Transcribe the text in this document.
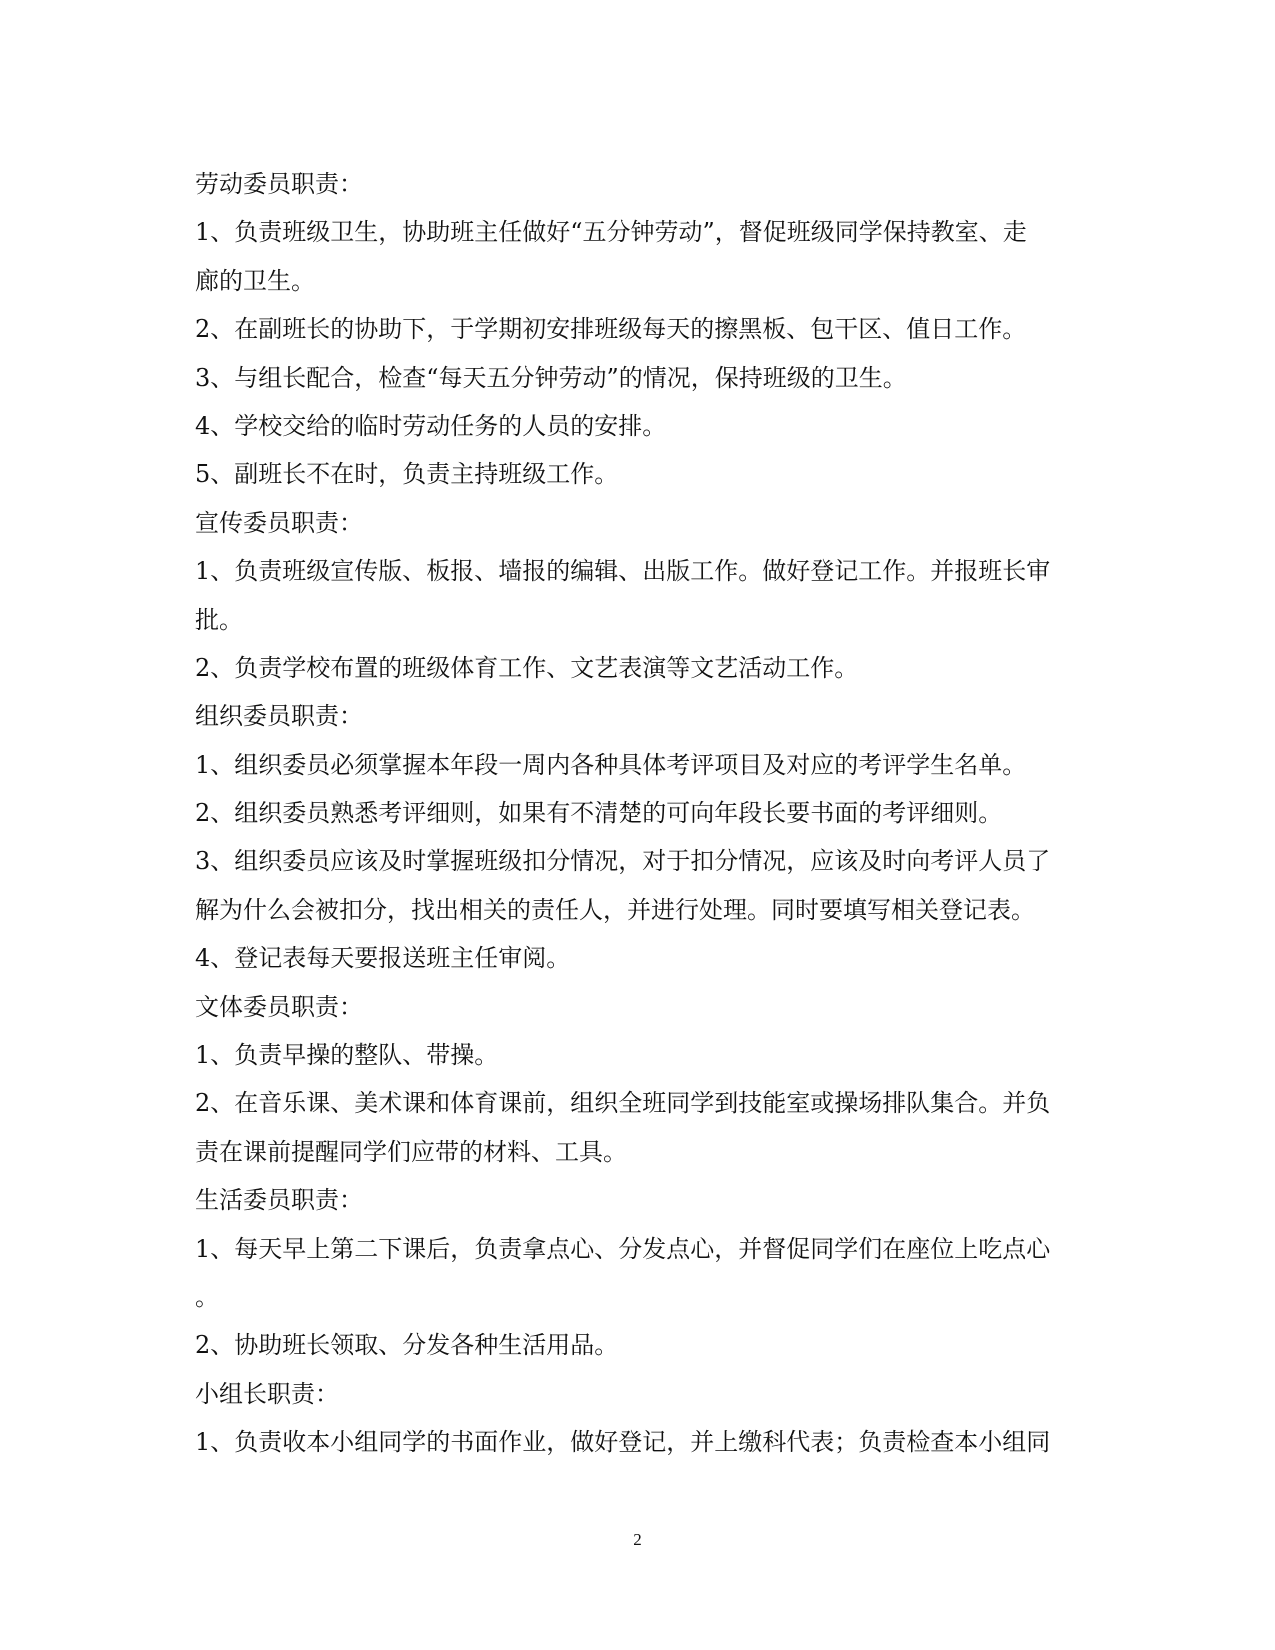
劳动委员职责：
1、负责班级卫生，协助班主任做好“五分钟劳动”，督促班级同学保持教室、走
廊的卫生。
2、在副班长的协助下，于学期初安排班级每天的擦黑板、包干区、值日工作。
3、与组长配合，检查“每天五分钟劳动”的情况，保持班级的卫生。
4、学校交给的临时劳动任务的人员的安排。
5、副班长不在时，负责主持班级工作。
宣传委员职责：
1、负责班级宣传版、板报、墙报的编辑、出版工作。做好登记工作。并报班长审
批。
2、负责学校布置的班级体育工作、文艺表演等文艺活动工作。
组织委员职责：
1、组织委员必须掌握本年段一周内各种具体考评项目及对应的考评学生名单。
2、组织委员熟悉考评细则，如果有不清楚的可向年段长要书面的考评细则。
3、组织委员应该及时掌握班级扣分情况，对于扣分情况，应该及时向考评人员了
解为什么会被扣分，找出相关的责任人，并进行处理。同时要填写相关登记表。
4、登记表每天要报送班主任审阅。
文体委员职责：
1、负责早操的整队、带操。
2、在音乐课、美术课和体育课前，组织全班同学到技能室或操场排队集合。并负
责在课前提醒同学们应带的材料、工具。
生活委员职责：
1、每天早上第二下课后，负责拿点心、分发点心，并督促同学们在座位上吃点心
。
2、协助班长领取、分发各种生活用品。
小组长职责：
1、负责收本小组同学的书面作业，做好登记，并上缴科代表；负责检查本小组同
2
